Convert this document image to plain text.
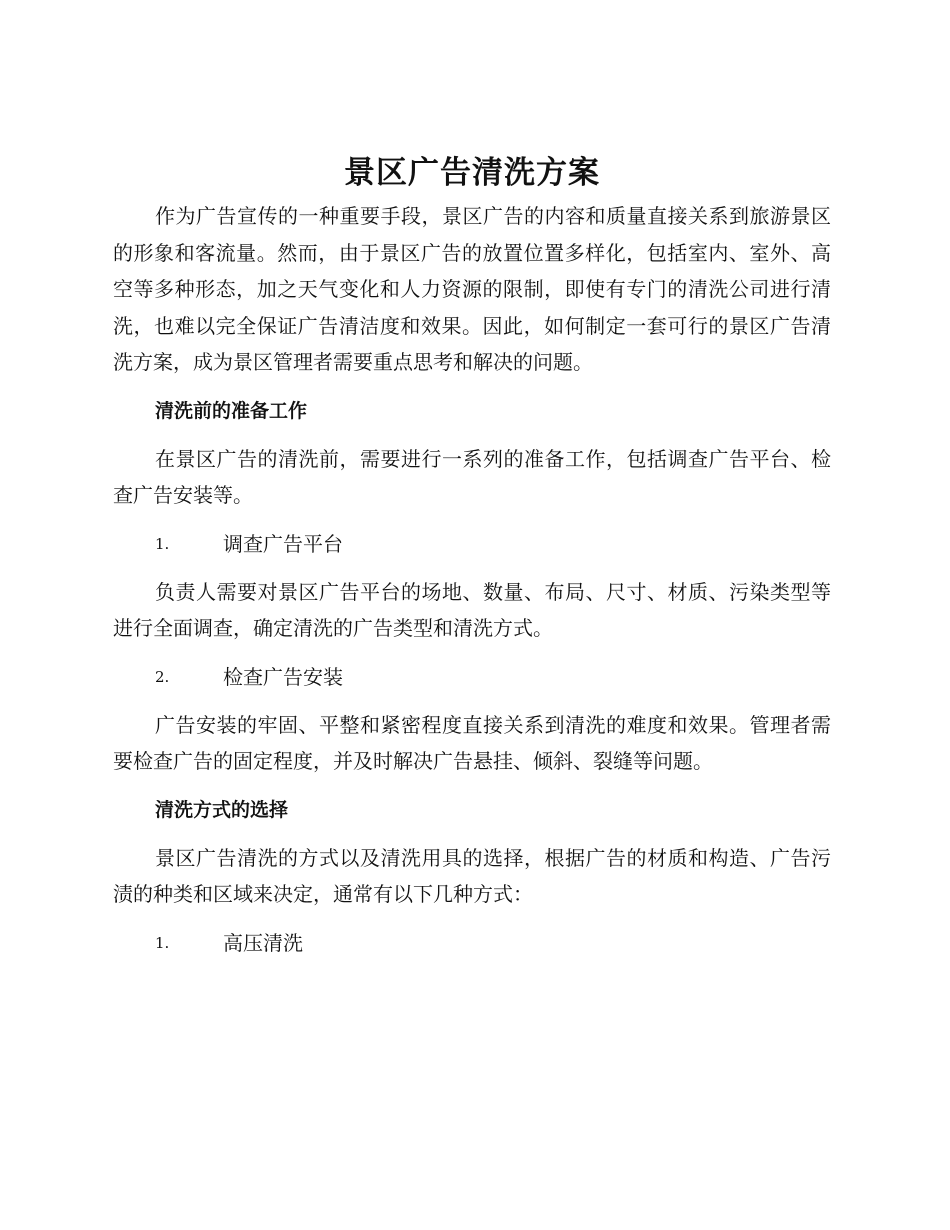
景区广告清洗方案

作为广告宣传的一种重要手段，景区广告的内容和质量直接关系到旅游景区的形象和客流量。然而，由于景区广告的放置位置多样化，包括室内、室外、高空等多种形态，加之天气变化和人力资源的限制，即使有专门的清洗公司进行清洗，也难以完全保证广告清洁度和效果。因此，如何制定一套可行的景区广告清洗方案，成为景区管理者需要重点思考和解决的问题。

清洗前的准备工作

在景区广告的清洗前，需要进行一系列的准备工作，包括调查广告平台、检查广告安装等。

1.	调查广告平台

负责人需要对景区广告平台的场地、数量、布局、尺寸、材质、污染类型等进行全面调查，确定清洗的广告类型和清洗方式。

2.	检查广告安装

广告安装的牢固、平整和紧密程度直接关系到清洗的难度和效果。管理者需要检查广告的固定程度，并及时解决广告悬挂、倾斜、裂缝等问题。

清洗方式的选择

景区广告清洗的方式以及清洗用具的选择，根据广告的材质和构造、广告污渍的种类和区域来决定，通常有以下几种方式：

1.	高压清洗
